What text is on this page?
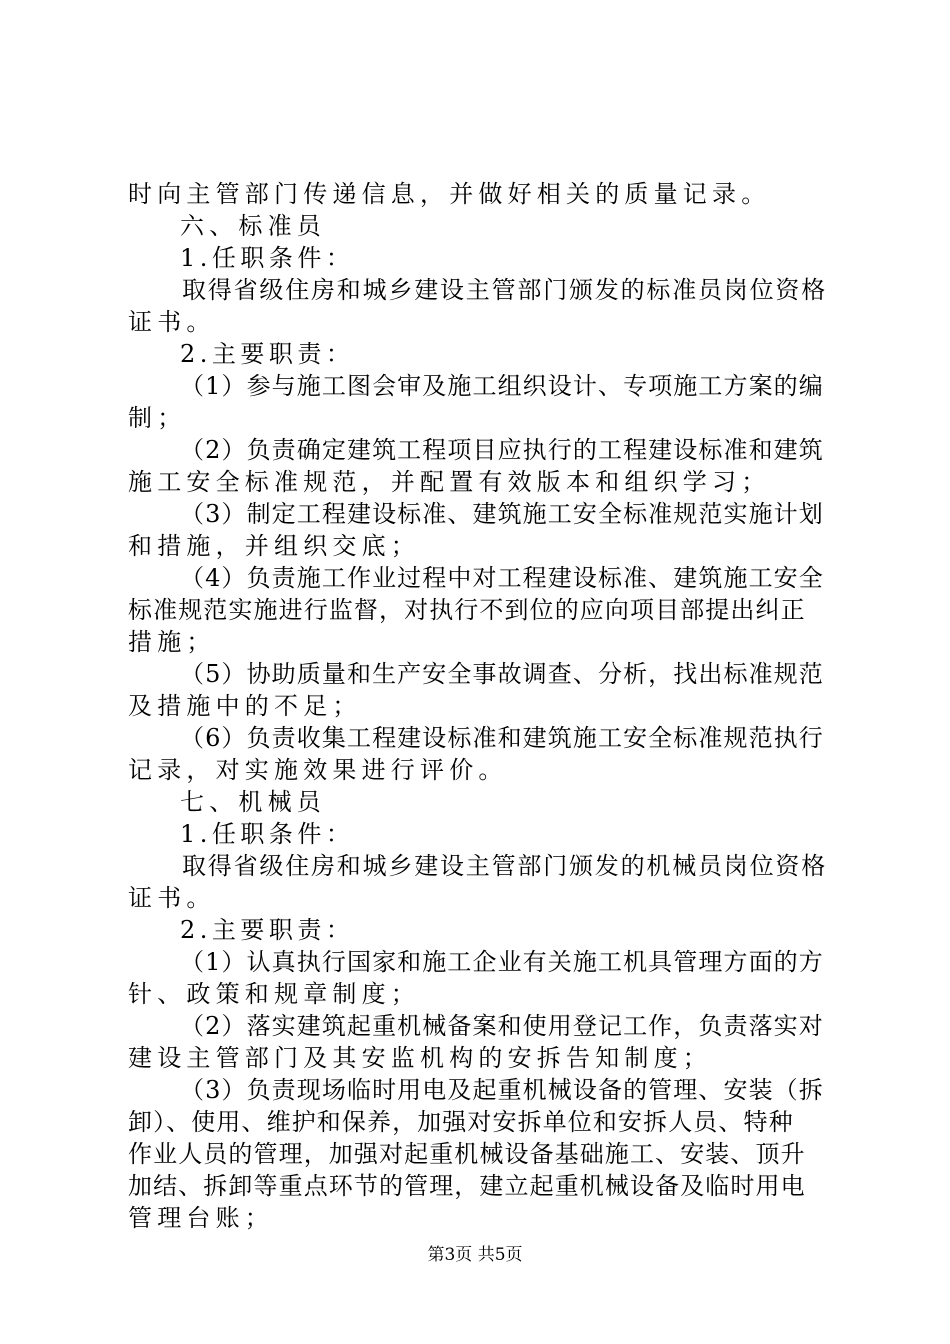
时向主管部门传递信息，并做好相关的质量记录。
六、标准员
1.任职条件：
取得省级住房和城乡建设主管部门颁发的标准员岗位资格
证书。
2.主要职责：
（1）参与施工图会审及施工组织设计、专项施工方案的编
制；
（2）负责确定建筑工程项目应执行的工程建设标准和建筑
施工安全标准规范，并配置有效版本和组织学习；
（3）制定工程建设标准、建筑施工安全标准规范实施计划
和措施，并组织交底；
（4）负责施工作业过程中对工程建设标准、建筑施工安全
标准规范实施进行监督，对执行不到位的应向项目部提出纠正
措施；
（5）协助质量和生产安全事故调查、分析，找出标准规范
及措施中的不足；
（6）负责收集工程建设标准和建筑施工安全标准规范执行
记录，对实施效果进行评价。
七、机械员
1.任职条件：
取得省级住房和城乡建设主管部门颁发的机械员岗位资格
证书。
2.主要职责：
（1）认真执行国家和施工企业有关施工机具管理方面的方
针、政策和规章制度；
（2）落实建筑起重机械备案和使用登记工作，负责落实对
建设主管部门及其安监机构的安拆告知制度；
（3）负责现场临时用电及起重机械设备的管理、安装（拆
卸）、使用、维护和保养，加强对安拆单位和安拆人员、特种
作业人员的管理，加强对起重机械设备基础施工、安装、顶升
加结、拆卸等重点环节的管理，建立起重机械设备及临时用电
管理台账；
第3页 共5页
